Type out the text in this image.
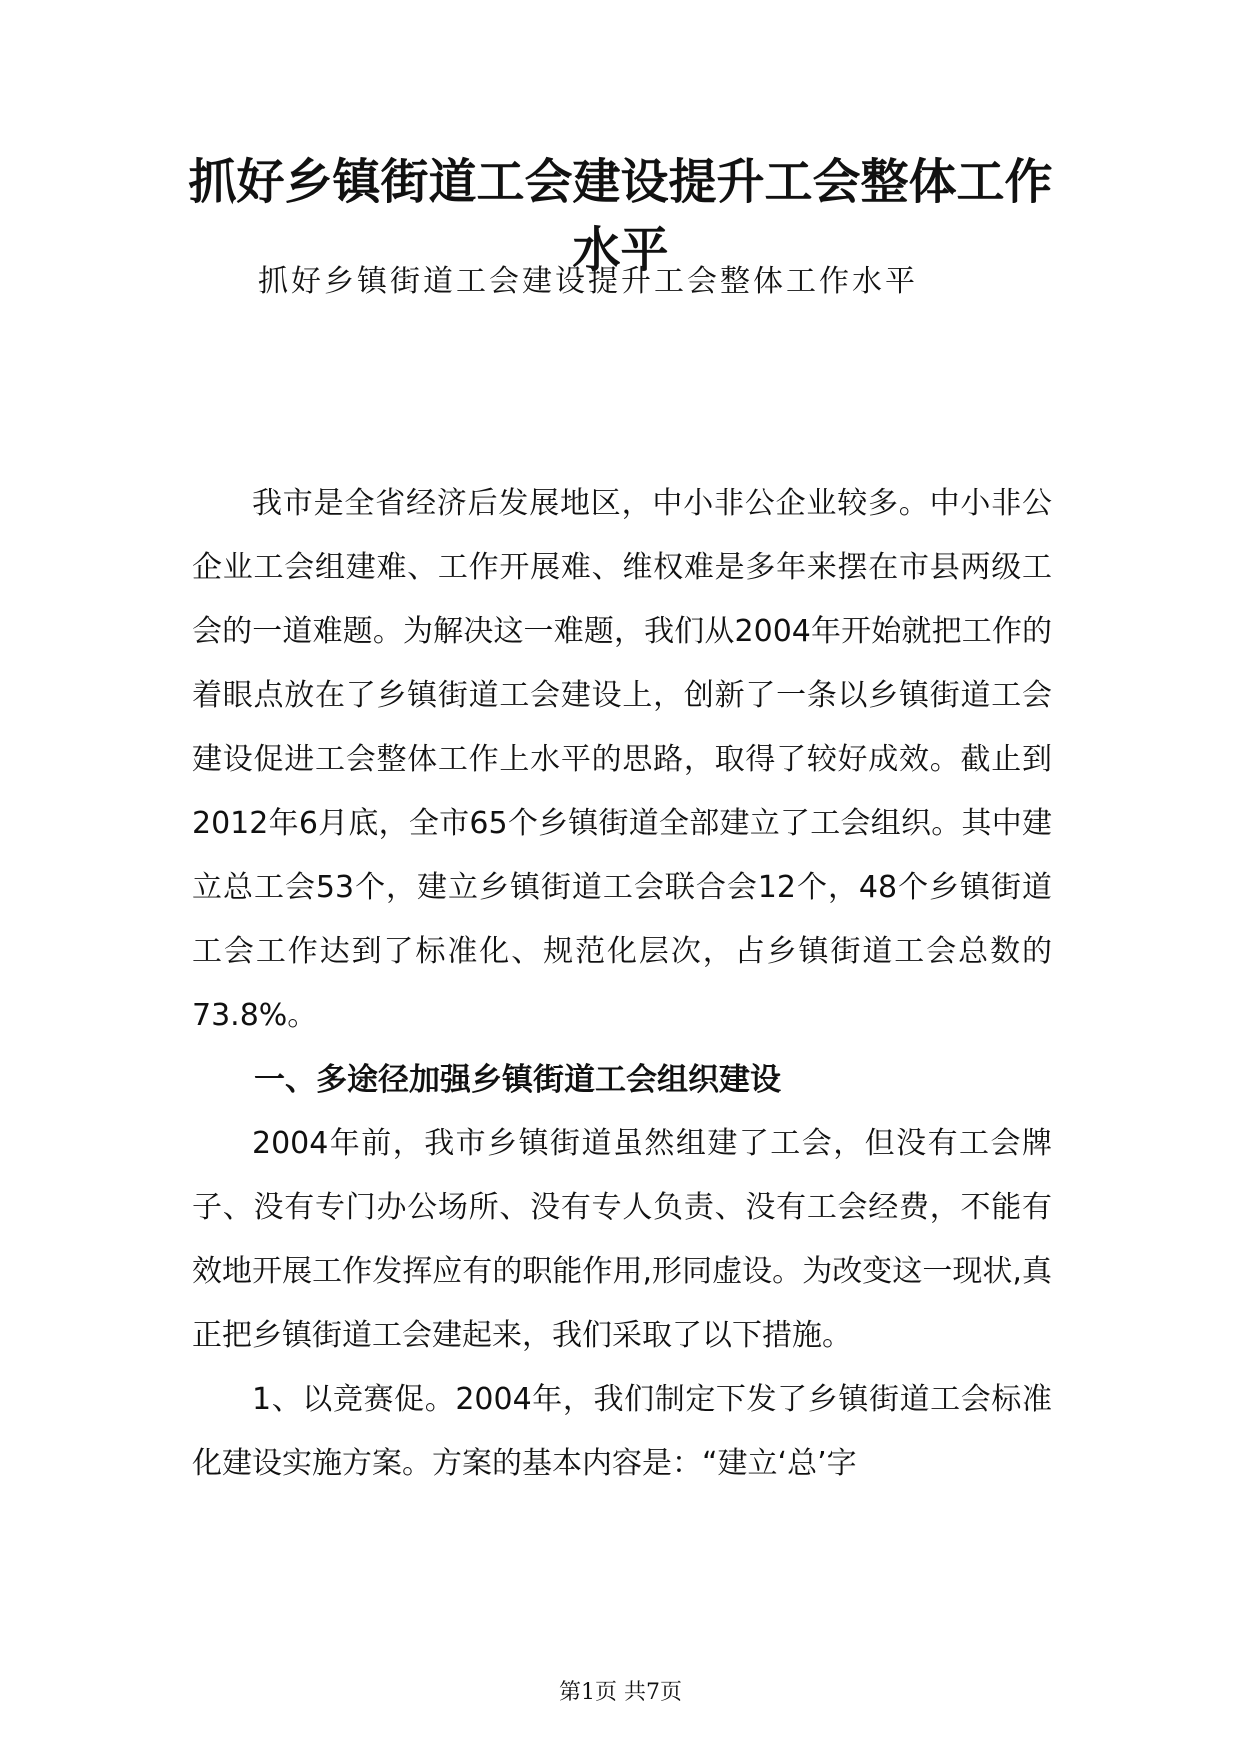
抓好乡镇街道工会建设提升工会整体工作
水平
抓好乡镇街道工会建设提升工会整体工作水平

我市是全省经济后发展地区，中小非公企业较多。中小非公企业工会组建难、工作开展难、维权难是多年来摆在市县两级工会的一道难题。为解决这一难题，我们从2004年开始就把工作的着眼点放在了乡镇街道工会建设上，创新了一条以乡镇街道工会建设促进工会整体工作上水平的思路，取得了较好成效。截止到2012年6月底，全市65个乡镇街道全部建立了工会组织。其中建立总工会53个，建立乡镇街道工会联合会12个，48个乡镇街道工会工作达到了标准化、规范化层次，占乡镇街道工会总数的73.8%。

一、多途径加强乡镇街道工会组织建设

2004年前，我市乡镇街道虽然组建了工会，但没有工会牌子、没有专门办公场所、没有专人负责、没有工会经费，不能有效地开展工作发挥应有的职能作用,形同虚设。为改变这一现状,真正把乡镇街道工会建起来，我们采取了以下措施。

1、以竞赛促。2004年，我们制定下发了乡镇街道工会标准化建设实施方案。方案的基本内容是：“建立‘总’字

第1页 共7页
